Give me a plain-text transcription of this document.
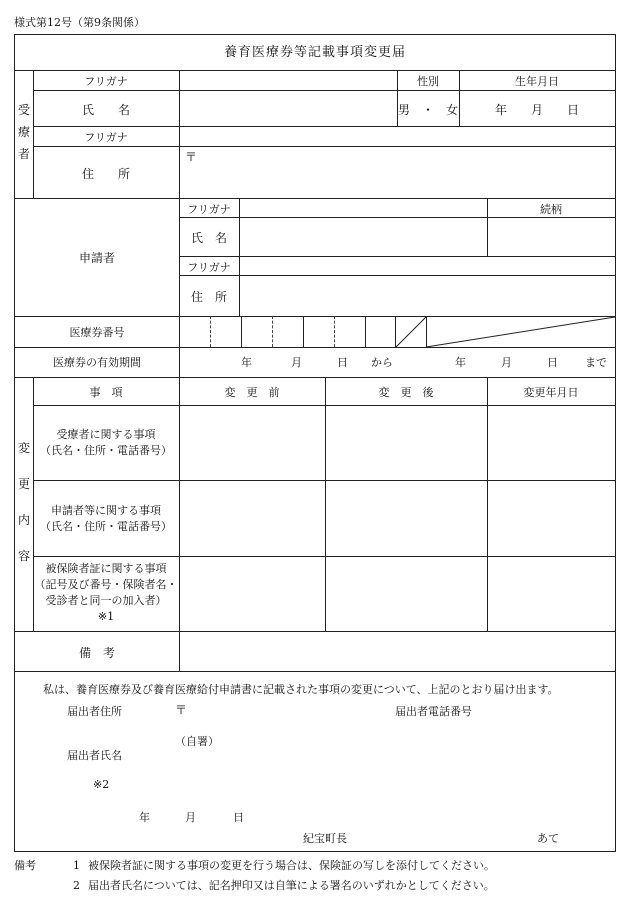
様式第12号（第9条関係）
養育医療券等記載事項変更届
受
療
者
フリガナ	性別	生年月日
氏　　名	男　・　女	年　　月　　日
フリガナ
住　　所
〒
申請者
フリガナ	続柄
氏　名
フリガナ
住　所
医療券番号
医療券の有効期間	年	月	日 から	年	月	日 まで
変
更
内
容
事　項	変　更　前	変　更　後	変更年月日
受療者に関する事項
（氏名・住所・電話番号）
申請者等に関する事項
（氏名・住所・電話番号）
被保険者証に関する事項
（記号及び番号・保険者名・
受診者と同一の加入者）
※1
備　考
私は、養育医療券及び養育医療給付申請書に記載された事項の変更について、上記のとおり届け出ます。
届出者住所	〒	届出者電話番号
（自署）
届出者氏名
※2
年	月	日
紀宝町長	あて
備考	1 被保険者証に関する事項の変更を行う場合は、保険証の写しを添付してください。
2 届出者氏名については、記名押印又は自筆による署名のいずれかとしてください。
